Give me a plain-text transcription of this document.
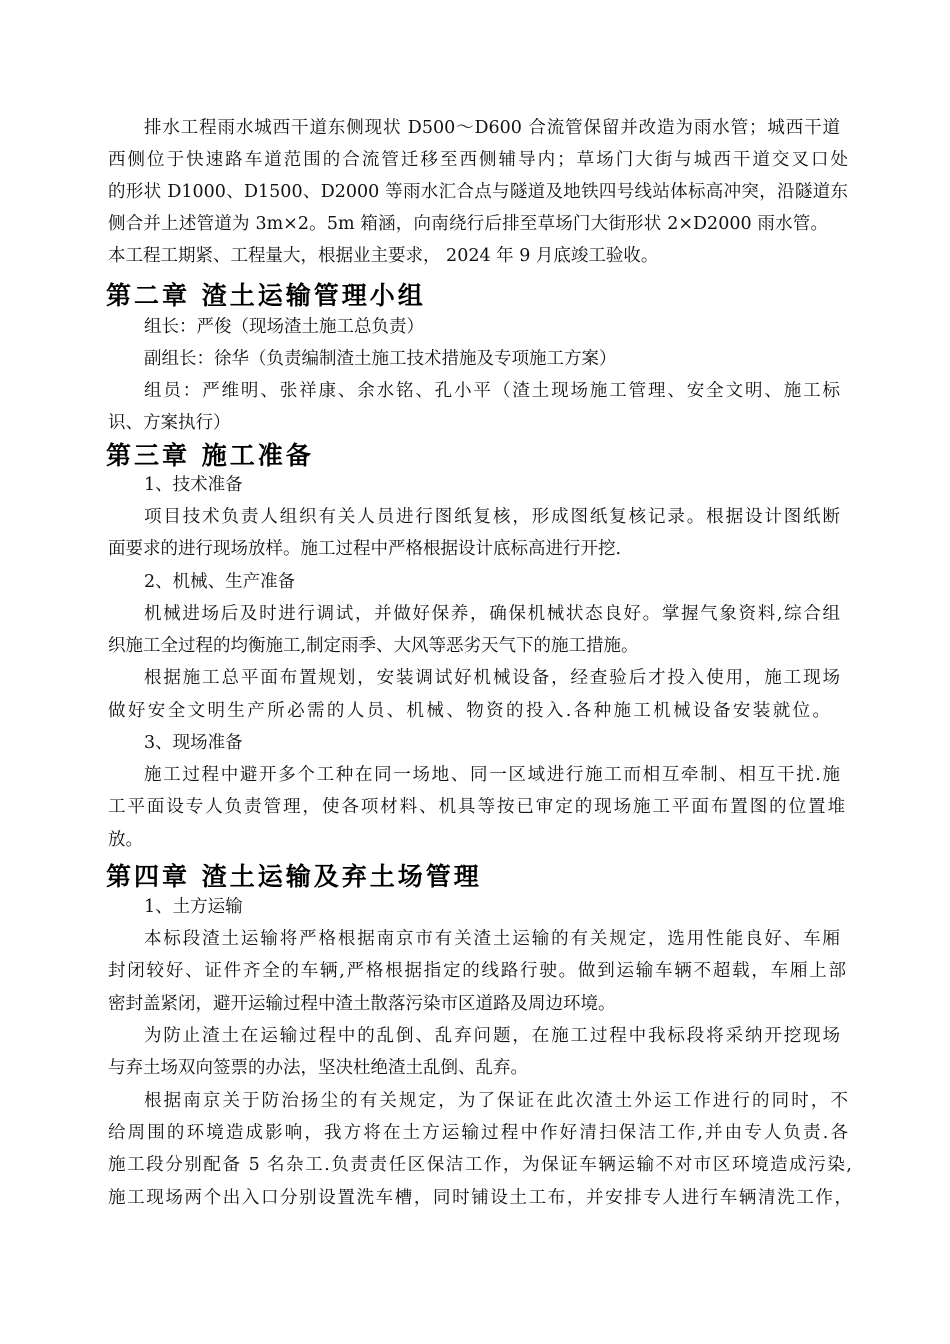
排水工程雨水城西干道东侧现状 D500～D600 合流管保留并改造为雨水管；城西干道
西侧位于快速路车道范围的合流管迁移至西侧辅导内；草场门大街与城西干道交叉口处
的形状 D1000、D1500、D2000 等雨水汇合点与隧道及地铁四号线站体标高冲突，沿隧道东
侧合并上述管道为 3m×2。5m 箱涵，向南绕行后排至草场门大街形状 2×D2000 雨水管。
本工程工期紧、工程量大，根据业主要求， 2024 年 9 月底竣工验收。
第二章 渣土运输管理小组
组长：严俊（现场渣土施工总负责）
副组长：徐华（负责编制渣土施工技术措施及专项施工方案）
组员：严维明、张祥康、余水铭、孔小平（渣土现场施工管理、安全文明、施工标
识、方案执行）
第三章 施工准备
1、技术准备
项目技术负责人组织有关人员进行图纸复核，形成图纸复核记录。根据设计图纸断
面要求的进行现场放样。施工过程中严格根据设计底标高进行开挖.
2、机械、生产准备
机械进场后及时进行调试，并做好保养，确保机械状态良好。掌握气象资料,综合组
织施工全过程的均衡施工,制定雨季、大风等恶劣天气下的施工措施。
根据施工总平面布置规划，安装调试好机械设备，经查验后才投入使用，施工现场
做好安全文明生产所必需的人员、机械、物资的投入.各种施工机械设备安装就位。
3、现场准备
施工过程中避开多个工种在同一场地、同一区域进行施工而相互牵制、相互干扰.施
工平面设专人负责管理，使各项材料、机具等按已审定的现场施工平面布置图的位置堆
放。
第四章 渣土运输及弃土场管理
1、土方运输
本标段渣土运输将严格根据南京市有关渣土运输的有关规定，选用性能良好、车厢
封闭较好、证件齐全的车辆,严格根据指定的线路行驶。做到运输车辆不超载，车厢上部
密封盖紧闭，避开运输过程中渣土散落污染市区道路及周边环境。
为防止渣土在运输过程中的乱倒、乱弃问题，在施工过程中我标段将采纳开挖现场
与弃土场双向签票的办法，坚决杜绝渣土乱倒、乱弃。
根据南京关于防治扬尘的有关规定，为了保证在此次渣土外运工作进行的同时，不
给周围的环境造成影响，我方将在土方运输过程中作好清扫保洁工作,并由专人负责.各
施工段分别配备 5 名杂工.负责责任区保洁工作，为保证车辆运输不对市区环境造成污染,
施工现场两个出入口分别设置洗车槽，同时铺设土工布，并安排专人进行车辆清洗工作，
